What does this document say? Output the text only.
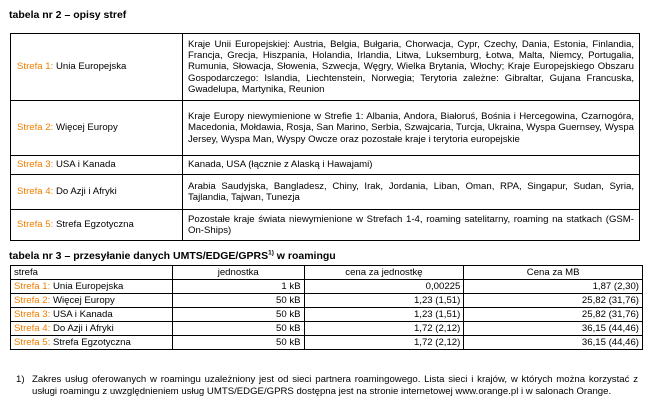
tabela nr 2 – opisy stref
Strefa 1: Unia Europejska	Kraje Unii Europejskiej: Austria, Belgia, Bułgaria, Chorwacja, Cypr, Czechy, Dania, Estonia, Finlandia, Francja, Grecja, Hiszpania, Holandia, Irlandia, Litwa, Luksemburg, Łotwa, Malta, Niemcy, Portugalia, Rumunia, Słowacja, Słowenia, Szwecja, Węgry, Wielka Brytania, Włochy; Kraje Europejskiego Obszaru Gospodarczego: Islandia, Liechtenstein, Norwegia; Terytoria zależne: Gibraltar, Gujana Francuska, Gwadelupa, Martynika, Reunion
Strefa 2: Więcej Europy	Kraje Europy niewymienione w Strefie 1: Albania, Andora, Białoruś, Bośnia i Hercegowina, Czarnogóra, Macedonia, Mołdawia, Rosja, San Marino, Serbia, Szwajcaria, Turcja, Ukraina, Wyspa Guernsey, Wyspa Jersey, Wyspa Man, Wyspy Owcze oraz pozostałe kraje i terytoria europejskie
Strefa 3: USA i Kanada	Kanada, USA (łącznie z Alaską i Hawajami)
Strefa 4: Do Azji i Afryki	Arabia Saudyjska, Bangladesz, Chiny, Irak, Jordania, Liban, Oman, RPA, Singapur, Sudan, Syria, Tajlandia, Tajwan, Tunezja
Strefa 5: Strefa Egzotyczna	Pozostałe kraje świata niewymienione w Strefach 1-4, roaming satelitarny, roaming na statkach (GSM-On-Ships)
tabela nr 3 – przesyłanie danych UMTS/EDGE/GPRS$^{1)}$ w roamingu
strefa	jednostka	cena za jednostkę	Cena za MB
Strefa 1: Unia Europejska	1 kB	0,00225	1,87 (2,30)
Strefa 2: Więcej Europy	50 kB	1,23 (1,51)	25,82 (31,76)
Strefa 3: USA i Kanada	50 kB	1,23 (1,51)	25,82 (31,76)
Strefa 4: Do Azji i Afryki	50 kB	1,72 (2,12)	36,15 (44,46)
Strefa 5: Strefa Egzotyczna	50 kB	1,72 (2,12)	36,15 (44,46)
1) Zakres usług oferowanych w roamingu uzależniony jest od sieci partnera roamingowego. Lista sieci i krajów, w których można korzystać z usługi roamingu z uwzględnieniem usług UMTS/EDGE/GPRS dostępna jest na stronie internetowej www.orange.pl i w salonach Orange.
